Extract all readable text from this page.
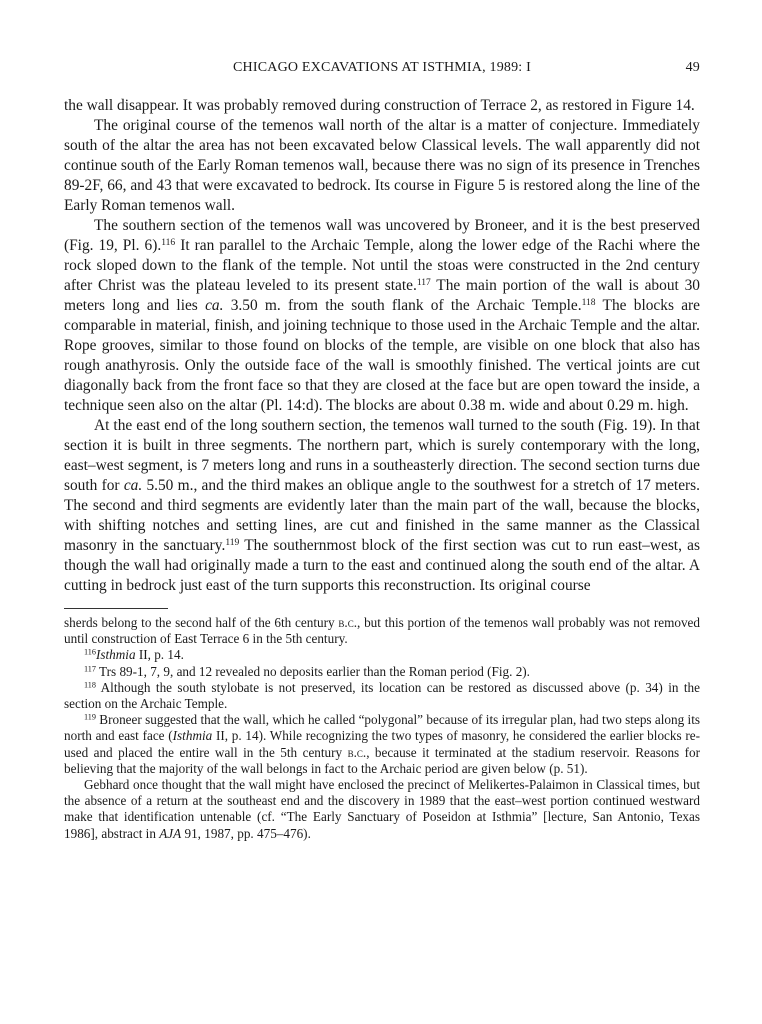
CHICAGO EXCAVATIONS AT ISTHMIA, 1989: I	49

the wall disappear. It was probably removed during construction of Terrace 2, as restored in Figure 14.

The original course of the temenos wall north of the altar is a matter of conjecture. Immediately south of the altar the area has not been excavated below Classical levels. The wall apparently did not continue south of the Early Roman temenos wall, because there was no sign of its presence in Trenches 89-2F, 66, and 43 that were excavated to bedrock. Its course in Figure 5 is restored along the line of the Early Roman temenos wall.

The southern section of the temenos wall was uncovered by Broneer, and it is the best preserved (Fig. 19, Pl. 6).$^{116}$ It ran parallel to the Archaic Temple, along the lower edge of the Rachi where the rock sloped down to the flank of the temple. Not until the stoas were constructed in the 2nd century after Christ was the plateau leveled to its present state.$^{117}$ The main portion of the wall is about 30 meters long and lies ca. 3.50 m. from the south flank of the Archaic Temple.$^{118}$ The blocks are comparable in material, finish, and joining technique to those used in the Archaic Temple and the altar. Rope grooves, similar to those found on blocks of the temple, are visible on one block that also has rough anathyrosis. Only the outside face of the wall is smoothly finished. The vertical joints are cut diagonally back from the front face so that they are closed at the face but are open toward the inside, a technique seen also on the altar (Pl. 14:d). The blocks are about 0.38 m. wide and about 0.29 m. high.

At the east end of the long southern section, the temenos wall turned to the south (Fig. 19). In that section it is built in three segments. The northern part, which is surely contemporary with the long, east–west segment, is 7 meters long and runs in a southeasterly direction. The second section turns due south for ca. 5.50 m., and the third makes an oblique angle to the southwest for a stretch of 17 meters. The second and third segments are evidently later than the main part of the wall, because the blocks, with shifting notches and setting lines, are cut and finished in the same manner as the Classical masonry in the sanctuary.$^{119}$ The southernmost block of the first section was cut to run east–west, as though the wall had originally made a turn to the east and continued along the south end of the altar. A cutting in bedrock just east of the turn supports this reconstruction. Its original course

sherds belong to the second half of the 6th century b.c., but this portion of the temenos wall probably was not removed until construction of East Terrace 6 in the 5th century.

$^{116}$Isthmia II, p. 14.

$^{117}$ Trs 89-1, 7, 9, and 12 revealed no deposits earlier than the Roman period (Fig. 2).

$^{118}$ Although the south stylobate is not preserved, its location can be restored as discussed above (p. 34) in the section on the Archaic Temple.

$^{119}$ Broneer suggested that the wall, which he called “polygonal” because of its irregular plan, had two steps along its north and east face (Isthmia II, p. 14). While recognizing the two types of masonry, he considered the earlier blocks re-used and placed the entire wall in the 5th century b.c., because it terminated at the stadium reservoir. Reasons for believing that the majority of the wall belongs in fact to the Archaic period are given below (p. 51).

Gebhard once thought that the wall might have enclosed the precinct of Melikertes-Palaimon in Classical times, but the absence of a return at the southeast end and the discovery in 1989 that the east–west portion continued westward make that identification untenable (cf. “The Early Sanctuary of Poseidon at Isthmia” [lecture, San Antonio, Texas 1986], abstract in AJA 91, 1987, pp. 475–476).
